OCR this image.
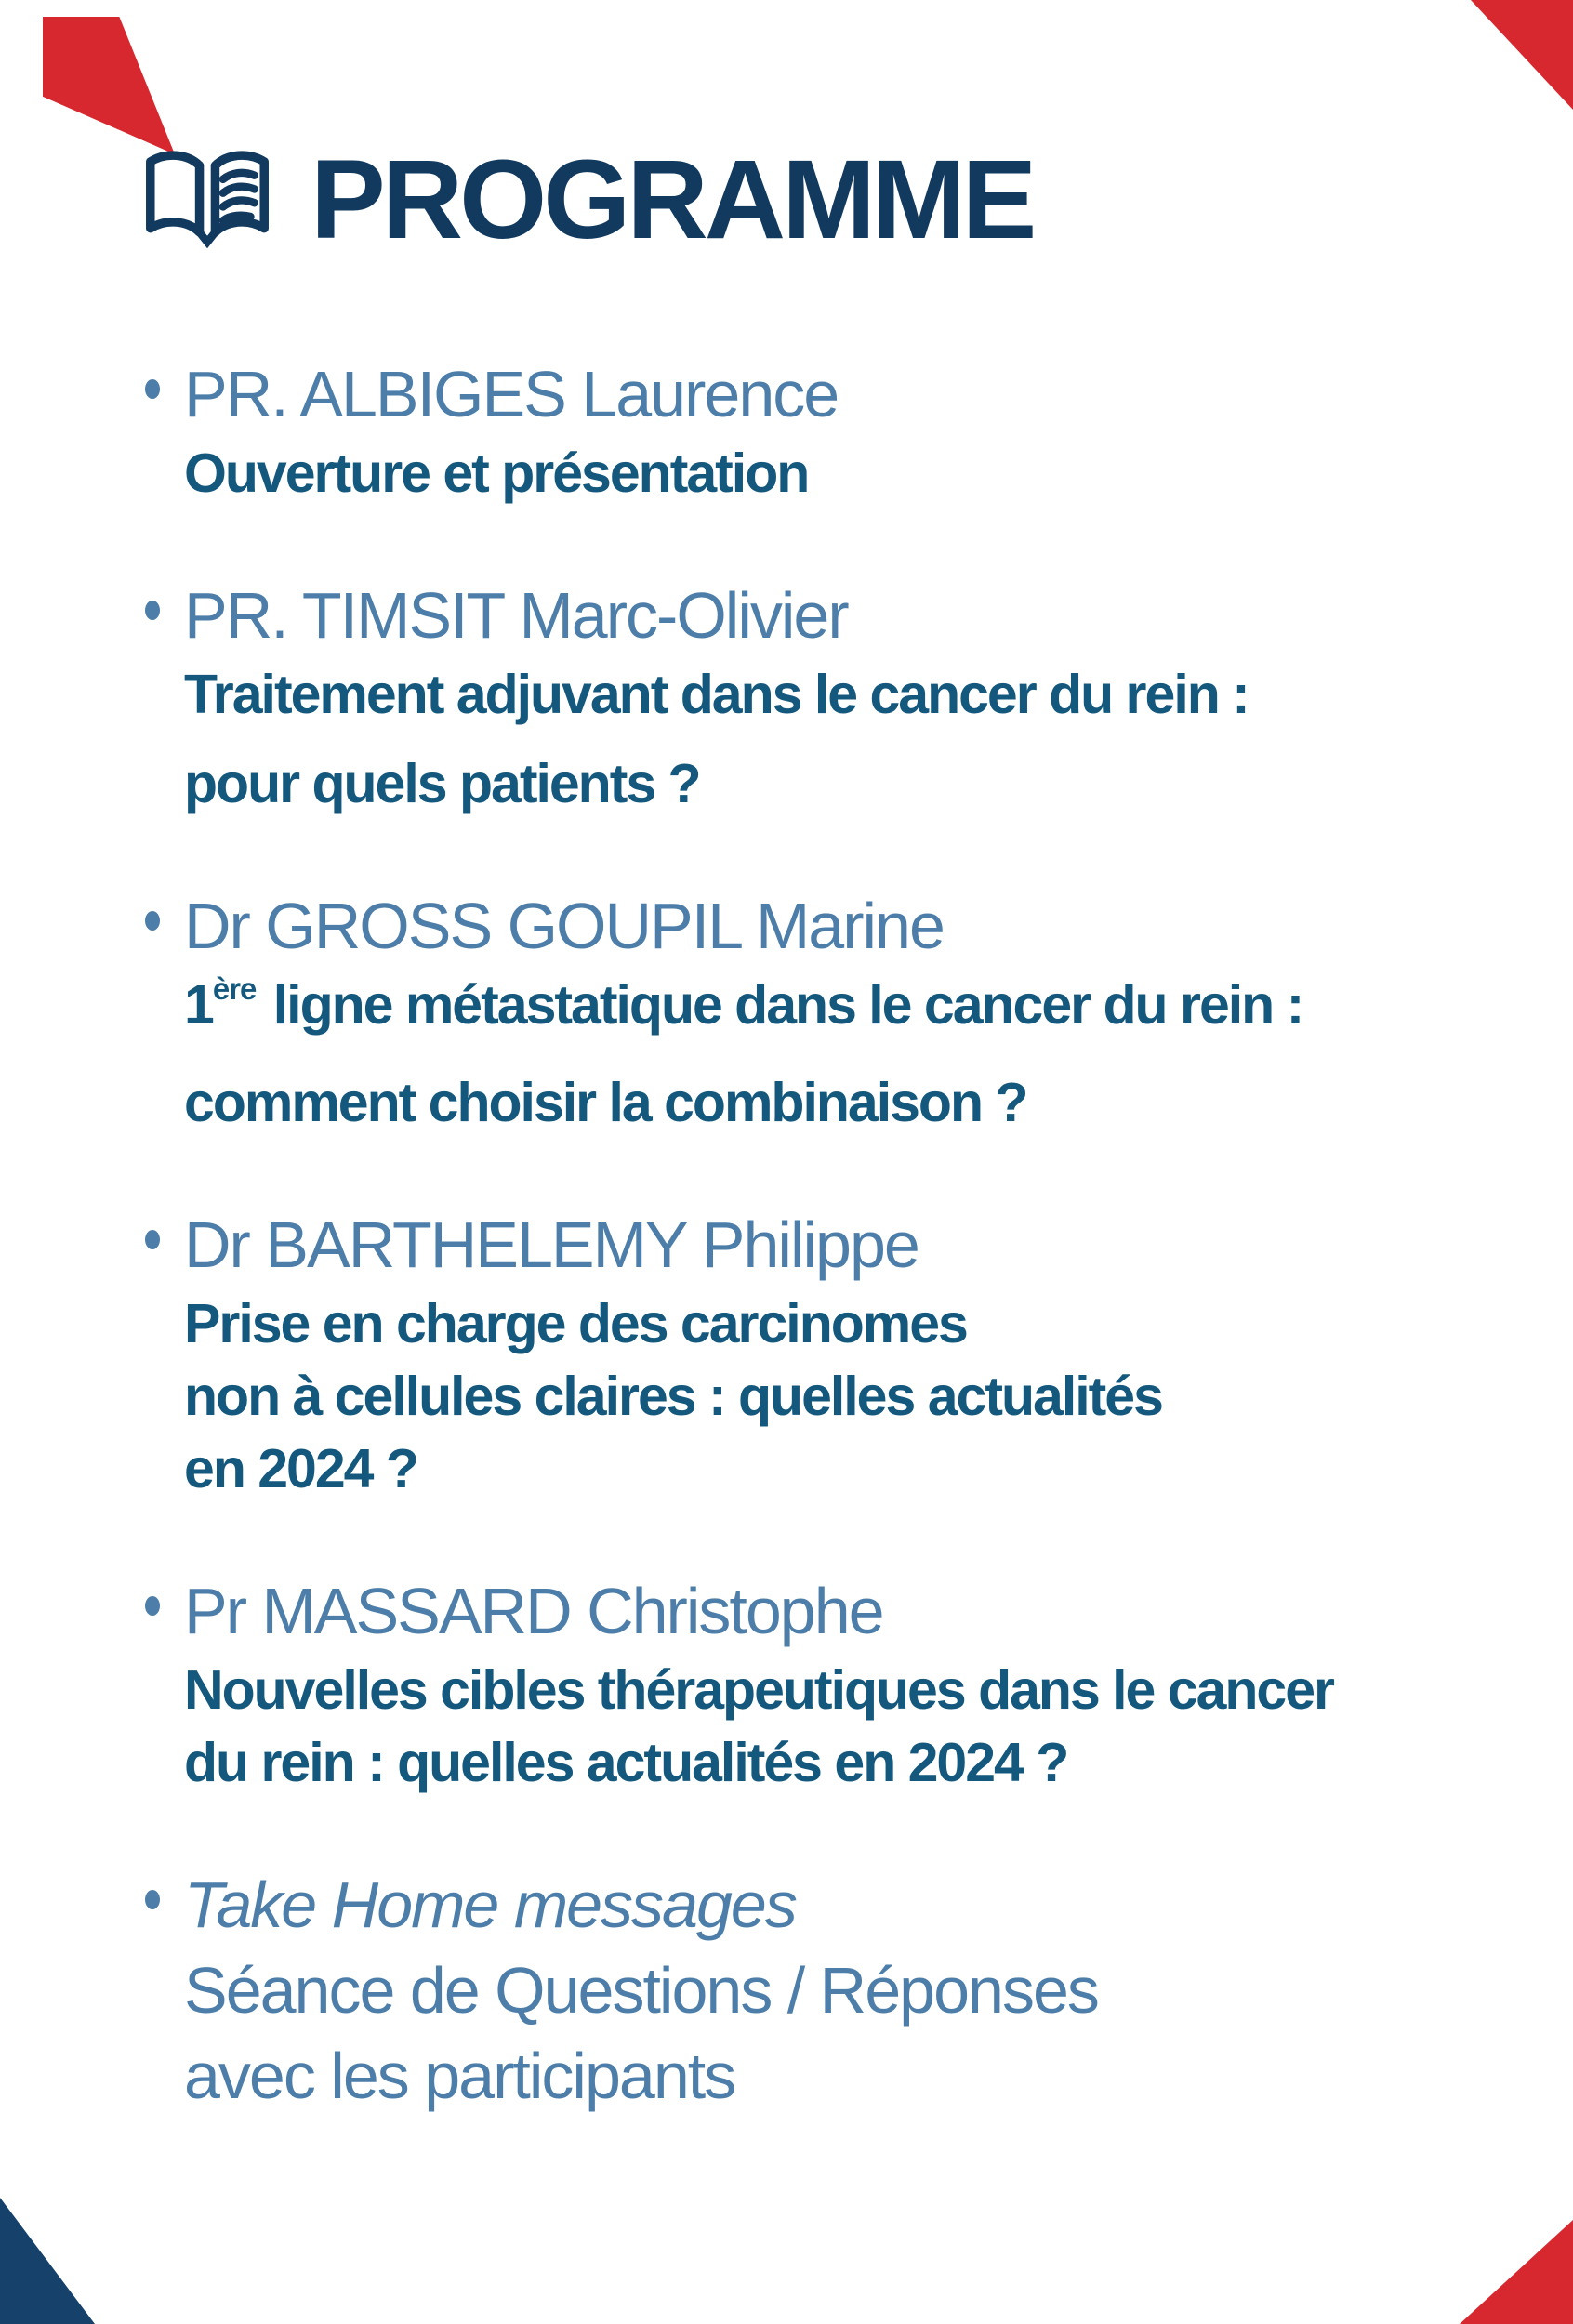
PROGRAMME
PR. ALBIGES Laurence
Ouverture et présentation
PR. TIMSIT Marc-Olivier
Traitement adjuvant dans le cancer du rein :
pour quels patients ?
Dr GROSS GOUPIL Marine
1ère ligne métastatique dans le cancer du rein :
comment choisir la combinaison ?
Dr BARTHELEMY Philippe
Prise en charge des carcinomes
non à cellules claires : quelles actualités
en 2024 ?
Pr MASSARD Christophe
Nouvelles cibles thérapeutiques dans le cancer
du rein : quelles actualités en 2024 ?
Take Home messages
Séance de Questions / Réponses
avec les participants
